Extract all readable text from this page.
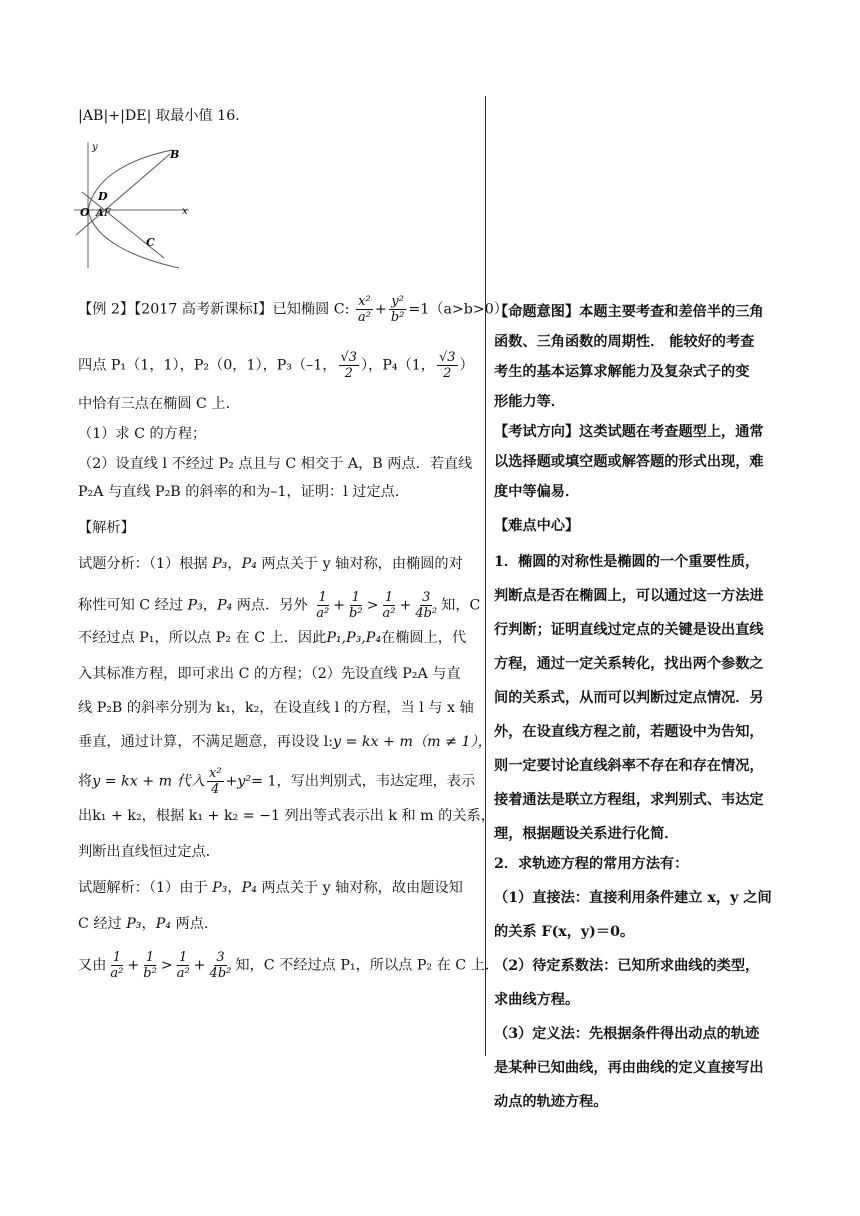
|AB|+|DE| 取最小值 16．
y
x
B
D
O A F
C
【例 2】【2017 高考新课标Ⅰ】已知椭圆 C: $\frac{\text{x²}}{\text{a²}} + \frac{\text{y²}}{\text{b²}} =1(a>b>0)$，
四点 P₁（1，1），P₂（0，1），P₃（–1， $\frac{√3}{2}$ ），P₄（1， $\frac{√3}{2}$ ）
中恰有三点在椭圆 C 上．
（1）求 C 的方程；
（2）设直线 l 不经过 P₂ 点且与 C 相交于 A，B 两点．若直线
P₂A 与直线 P₂B 的斜率的和为–1，证明：l 过定点．
【解析】
试题分析：（1）根据 P₃，P₄ 两点关于 y 轴对称，由椭圆的对
称性可知 C 经过 P₃，P₄ 两点．另外 $\frac{1}{\text{a²}} + \frac{1}{\text{b²}} > \frac{1}{\text{a²}} + \frac{3}{\text{4b²}}$ 知，C
不经过点 P₁，所以点 P₂ 在 C 上．因此P₁,P₃,P₄在椭圆上，代
入其标准方程，即可求出 C 的方程；（2）先设直线 P₂A 与直
线 P₂B 的斜率分别为 k₁，k₂，在设直线 l 的方程，当 l 与 x 轴
垂直，通过计算，不满足题意，再设设 l:y = kx + m（m ≠ 1），
将y = kx + m 代入 $\frac{\text{x²}}{4} +y^2= 1$，写出判别式，韦达定理，表示
出k₁ + k₂，根据 k₁ + k₂ = −1 列出等式表示出 k 和 m 的关系，
判断出直线恒过定点．
试题解析：（1）由于 P₃，P₄ 两点关于 y 轴对称，故由题设知
C 经过 P₃，P₄ 两点．
又由 $\frac{1}{\text{a²}} + \frac{1}{\text{b²}} > \frac{1}{\text{a²}} + \frac{3}{\text{4b²}}$ 知，C 不经过点 P₁，所以点 P₂ 在 C 上．
【命题意图】本题主要考查和差倍半的三角
函数、三角函数的周期性． 能较好的考查
考生的基本运算求解能力及复杂式子的变
形能力等．
【考试方向】这类试题在考查题型上，通常
以选择题或填空题或解答题的形式出现，难
度中等偏易．
【难点中心】
1．椭圆的对称性是椭圆的一个重要性质，
判断点是否在椭圆上，可以通过这一方法进
行判断；证明直线过定点的关键是设出直线
方程，通过一定关系转化，找出两个参数之
间的关系式，从而可以判断过定点情况．另
外，在设直线方程之前，若题设中为告知，
则一定要讨论直线斜率不存在和存在情况，
接着通法是联立方程组，求判别式、韦达定
理，根据题设关系进行化简．
2．求轨迹方程的常用方法有：
（1）直接法：直接利用条件建立 x，y 之间
的关系 F(x，y)＝0。
（2）待定系数法：已知所求曲线的类型，
求曲线方程。
（3）定义法：先根据条件得出动点的轨迹
是某种已知曲线，再由曲线的定义直接写出
动点的轨迹方程。
